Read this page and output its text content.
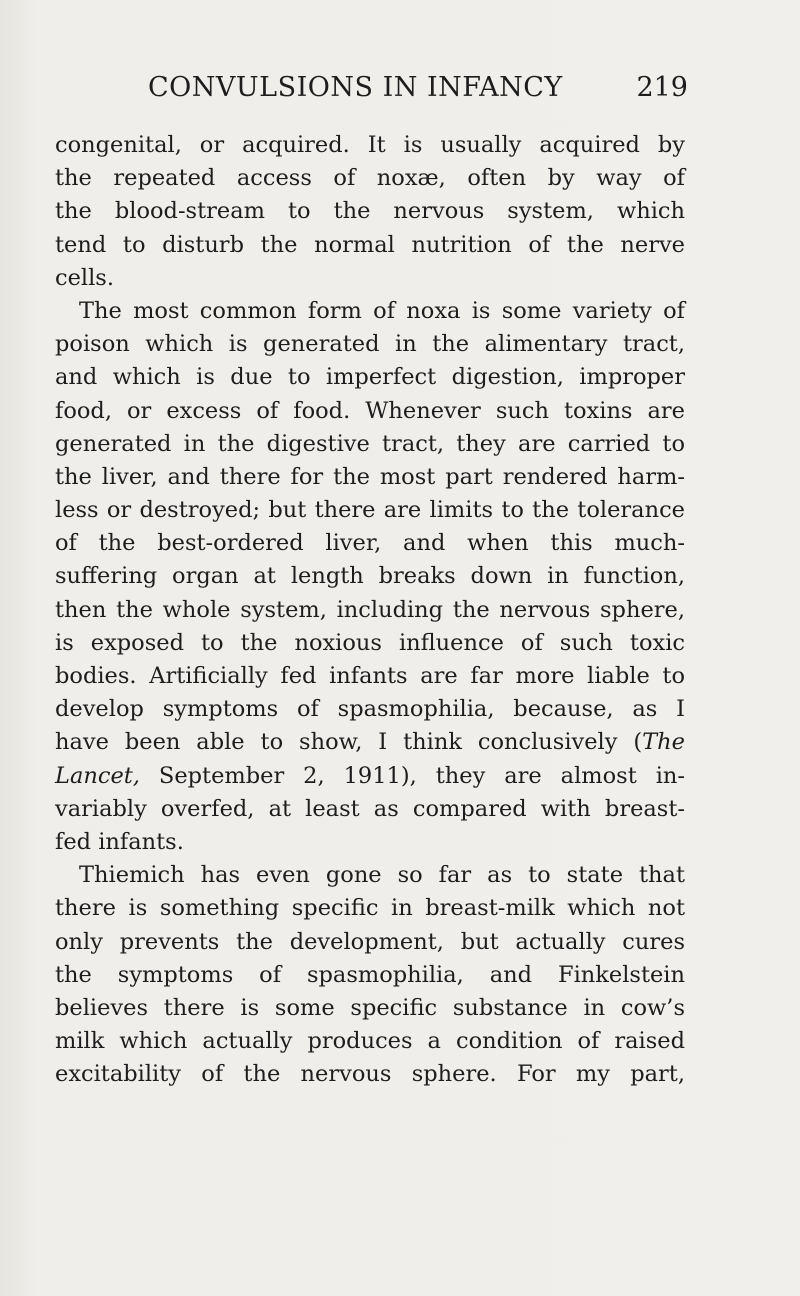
CONVULSIONS IN INFANCY	219
congenital, or acquired. It is usually acquired by
the repeated access of noxæ, often by way of
the blood-stream to the nervous system, which
tend to disturb the normal nutrition of the nerve
cells.
The most common form of noxa is some variety of
poison which is generated in the alimentary tract,
and which is due to imperfect digestion, improper
food, or excess of food. Whenever such toxins are
generated in the digestive tract, they are carried to
the liver, and there for the most part rendered harm-
less or destroyed; but there are limits to the tolerance
of the best-ordered liver, and when this much-
suffering organ at length breaks down in function,
then the whole system, including the nervous sphere,
is exposed to the noxious influence of such toxic
bodies. Artificially fed infants are far more liable to
develop symptoms of spasmophilia, because, as I
have been able to show, I think conclusively (The
Lancet, September 2, 1911), they are almost in-
variably overfed, at least as compared with breast-
fed infants.
Thiemich has even gone so far as to state that
there is something specific in breast-milk which not
only prevents the development, but actually cures
the symptoms of spasmophilia, and Finkelstein
believes there is some specific substance in cow’s
milk which actually produces a condition of raised
excitability of the nervous sphere. For my part,
